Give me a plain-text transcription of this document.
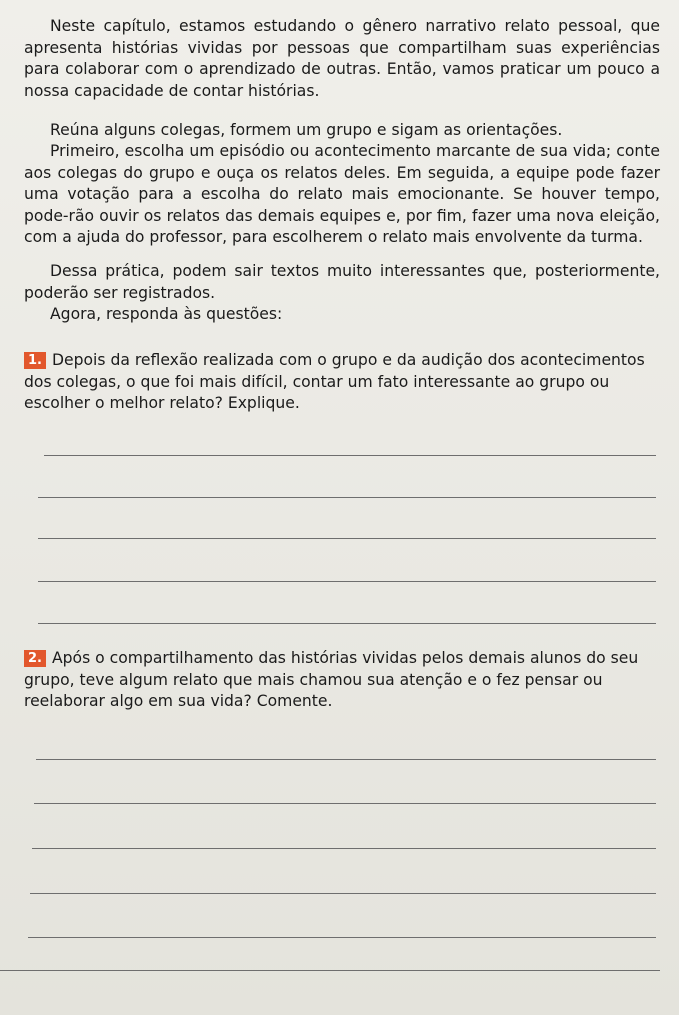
Neste capítulo, estamos estudando o gênero narrativo relato pessoal, que apresenta histórias vividas por pessoas que compartilham suas experiências para colaborar com o aprendizado de outras. Então, vamos praticar um pouco a nossa capacidade de contar histórias.

Reúna alguns colegas, formem um grupo e sigam as orientações.

Primeiro, escolha um episódio ou acontecimento marcante de sua vida; conte aos colegas do grupo e ouça os relatos deles. Em seguida, a equipe pode fazer uma votação para a escolha do relato mais emocionante. Se houver tempo, pode-rão ouvir os relatos das demais equipes e, por fim, fazer uma nova eleição, com a ajuda do professor, para escolherem o relato mais envolvente da turma.

Dessa prática, podem sair textos muito interessantes que, posteriormente, poderão ser registrados.

Agora, responda às questões:

1. Depois da reflexão realizada com o grupo e da audição dos acontecimentos dos colegas, o que foi mais difícil, contar um fato interessante ao grupo ou escolher o melhor relato? Explique.
2. Após o compartilhamento das histórias vividas pelos demais alunos do seu grupo, teve algum relato que mais chamou sua atenção e o fez pensar ou reelaborar algo em sua vida? Comente.
